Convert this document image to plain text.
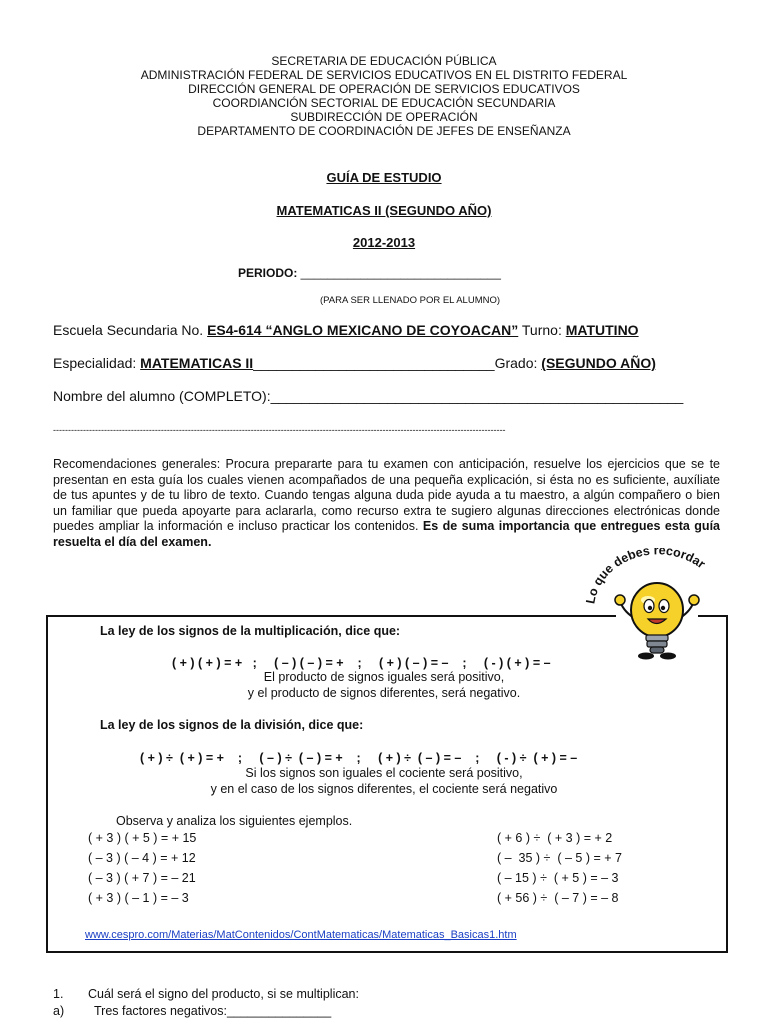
SECRETARIA DE EDUCACIÓN PÚBLICA
ADMINISTRACIÓN FEDERAL DE SERVICIOS EDUCATIVOS EN EL DISTRITO FEDERAL
DIRECCIÓN GENERAL DE OPERACIÓN DE SERVICIOS EDUCATIVOS
COORDIANCIÓN SECTORIAL DE EDUCACIÓN SECUNDARIA
SUBDIRECCIÓN DE OPERACIÓN
DEPARTAMENTO DE COORDINACIÓN DE JEFES DE ENSEÑANZA
GUÍA DE ESTUDIO
MATEMATICAS II (SEGUNDO AÑO)
2012-2013
PERIODO: ______________________________
(PARA SER LLENADO POR EL ALUMNO)
Escuela Secundaria No. ES4-614 “ANGLO MEXICANO DE COYOACAN” Turno: MATUTINO
Especialidad: MATEMATICAS II_______________________________Grado: (SEGUNDO AÑO)
Nombre del alumno (COMPLETO):_____________________________________________________
-------------------------------------------------------------------------------------------------------------------------------------------------------
Recomendaciones generales: Procura prepararte para tu examen con anticipación, resuelve los ejercicios que se te presentan en esta guía los cuales vienen acompañados de una pequeña explicación, si ésta no es suficiente, auxíliate de tus apuntes y de tu libro de texto. Cuando tengas alguna duda pide ayuda a tu maestro, a algún compañero o bien un familiar que pueda apoyarte para aclararla, como recurso extra te sugiero algunas direcciones electrónicas donde puedes ampliar la información e incluso practicar los contenidos. Es de suma importancia que entregues esta guía resuelta el día del examen.
Lo que debes recordar
La ley de los signos de la multiplicación, dice que:
( + ) ( + ) = +   ;     ( – ) ( – ) = +    ;     ( + ) ( – ) = –    ;     ( - ) ( + ) = –
El producto de signos iguales será positivo,
y el producto de signos diferentes, será negativo.
La ley de los signos de la división, dice que:
( + ) ÷  ( + ) = +    ;     ( – ) ÷  ( – ) = +    ;     ( + ) ÷  ( – ) = –    ;     ( - ) ÷  ( + ) = –
Si los signos son iguales el cociente será positivo,
y en el caso de los signos diferentes, el cociente será negativo
Observa y analiza los siguientes ejemplos.
( + 3 ) ( + 5 ) = + 15
( – 3 ) ( – 4 ) = + 12
( – 3 ) ( + 7 ) = – 21
( + 3 ) ( – 1 ) = – 3
( + 6 ) ÷  ( + 3 ) = + 2
( –  35 ) ÷  ( – 5 ) = + 7
( – 15 ) ÷  ( + 5 ) = – 3
( + 56 ) ÷  ( – 7 ) = – 8
www.cespro.com/Materias/MatContenidos/ContMatematicas/Matematicas_Basicas1.htm
1. Cuál será el signo del producto, si se multiplican:
a) Tres factores negativos:_______________
